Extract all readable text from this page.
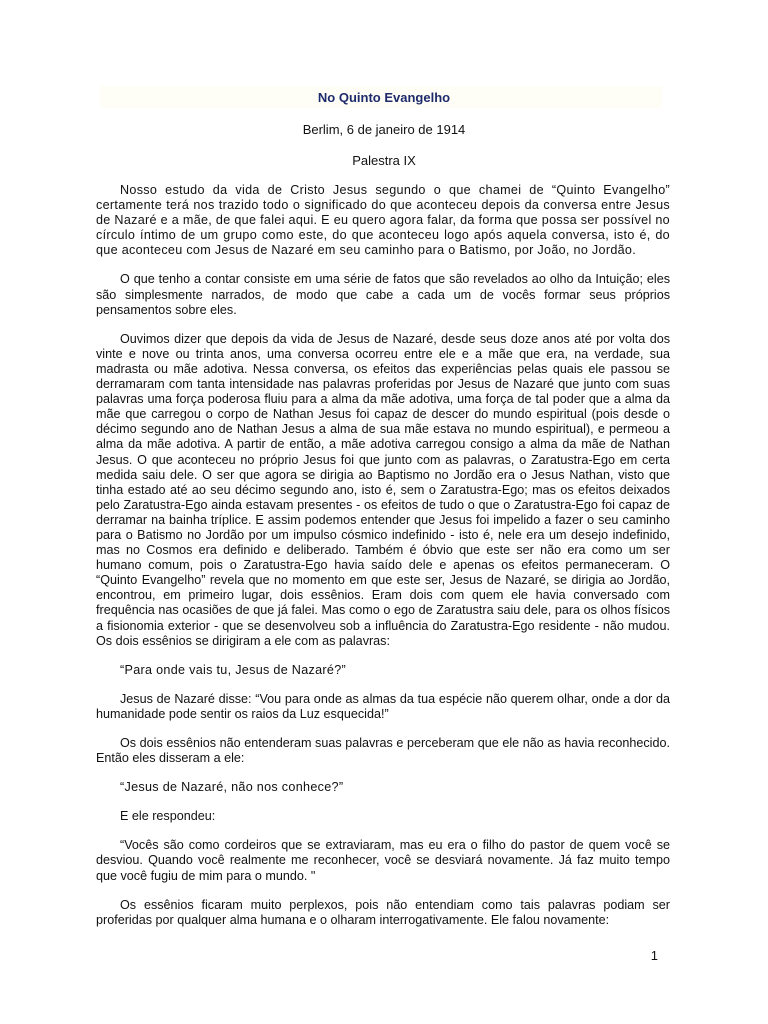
No Quinto Evangelho
Berlim, 6 de janeiro de 1914
Palestra IX

Nosso estudo da vida de Cristo Jesus segundo o que chamei de “Quinto Evangelho” certamente terá nos trazido todo o significado do que aconteceu depois da conversa entre Jesus de Nazaré e a mãe, de que falei aqui. E eu quero agora falar, da forma que possa ser possível no círculo íntimo de um grupo como este, do que aconteceu logo após aquela conversa, isto é, do que aconteceu com Jesus de Nazaré em seu caminho para o Batismo, por João, no Jordão.

O que tenho a contar consiste em uma série de fatos que são revelados ao olho da Intuição; eles são simplesmente narrados, de modo que cabe a cada um de vocês formar seus próprios pensamentos sobre eles.

Ouvimos dizer que depois da vida de Jesus de Nazaré, desde seus doze anos até por volta dos vinte e nove ou trinta anos, uma conversa ocorreu entre ele e a mãe que era, na verdade, sua madrasta ou mãe adotiva. Nessa conversa, os efeitos das experiências pelas quais ele passou se derramaram com tanta intensidade nas palavras proferidas por Jesus de Nazaré que junto com suas palavras uma força poderosa fluiu para a alma da mãe adotiva, uma força de tal poder que a alma da mãe que carregou o corpo de Nathan Jesus foi capaz de descer do mundo espiritual (pois desde o décimo segundo ano de Nathan Jesus a alma de sua mãe estava no mundo espiritual), e permeou a alma da mãe adotiva. A partir de então, a mãe adotiva carregou consigo a alma da mãe de Nathan Jesus. O que aconteceu no próprio Jesus foi que junto com as palavras, o Zaratustra-Ego em certa medida saiu dele. O ser que agora se dirigia ao Baptismo no Jordão era o Jesus Nathan, visto que tinha estado até ao seu décimo segundo ano, isto é, sem o Zaratustra-Ego; mas os efeitos deixados pelo Zaratustra-Ego ainda estavam presentes - os efeitos de tudo o que o Zaratustra-Ego foi capaz de derramar na bainha tríplice. E assim podemos entender que Jesus foi impelido a fazer o seu caminho para o Batismo no Jordão por um impulso cósmico indefinido - isto é, nele era um desejo indefinido, mas no Cosmos era definido e deliberado. Também é óbvio que este ser não era como um ser humano comum, pois o Zaratustra-Ego havia saído dele e apenas os efeitos permaneceram. O “Quinto Evangelho” revela que no momento em que este ser, Jesus de Nazaré, se dirigia ao Jordão, encontrou, em primeiro lugar, dois essênios. Eram dois com quem ele havia conversado com frequência nas ocasiões de que já falei. Mas como o ego de Zaratustra saiu dele, para os olhos físicos a fisionomia exterior - que se desenvolveu sob a influência do Zaratustra-Ego residente - não mudou. Os dois essênios se dirigiram a ele com as palavras:

“Para onde vais tu, Jesus de Nazaré?”

Jesus de Nazaré disse: “Vou para onde as almas da tua espécie não querem olhar, onde a dor da humanidade pode sentir os raios da Luz esquecida!”

Os dois essênios não entenderam suas palavras e perceberam que ele não as havia reconhecido. Então eles disseram a ele:

“Jesus de Nazaré, não nos conhece?”

E ele respondeu:

“Vocês são como cordeiros que se extraviaram, mas eu era o filho do pastor de quem você se desviou. Quando você realmente me reconhecer, você se desviará novamente. Já faz muito tempo que você fugiu de mim para o mundo. "

Os essênios ficaram muito perplexos, pois não entendiam como tais palavras podiam ser proferidas por qualquer alma humana e o olharam interrogativamente. Ele falou novamente:

1
